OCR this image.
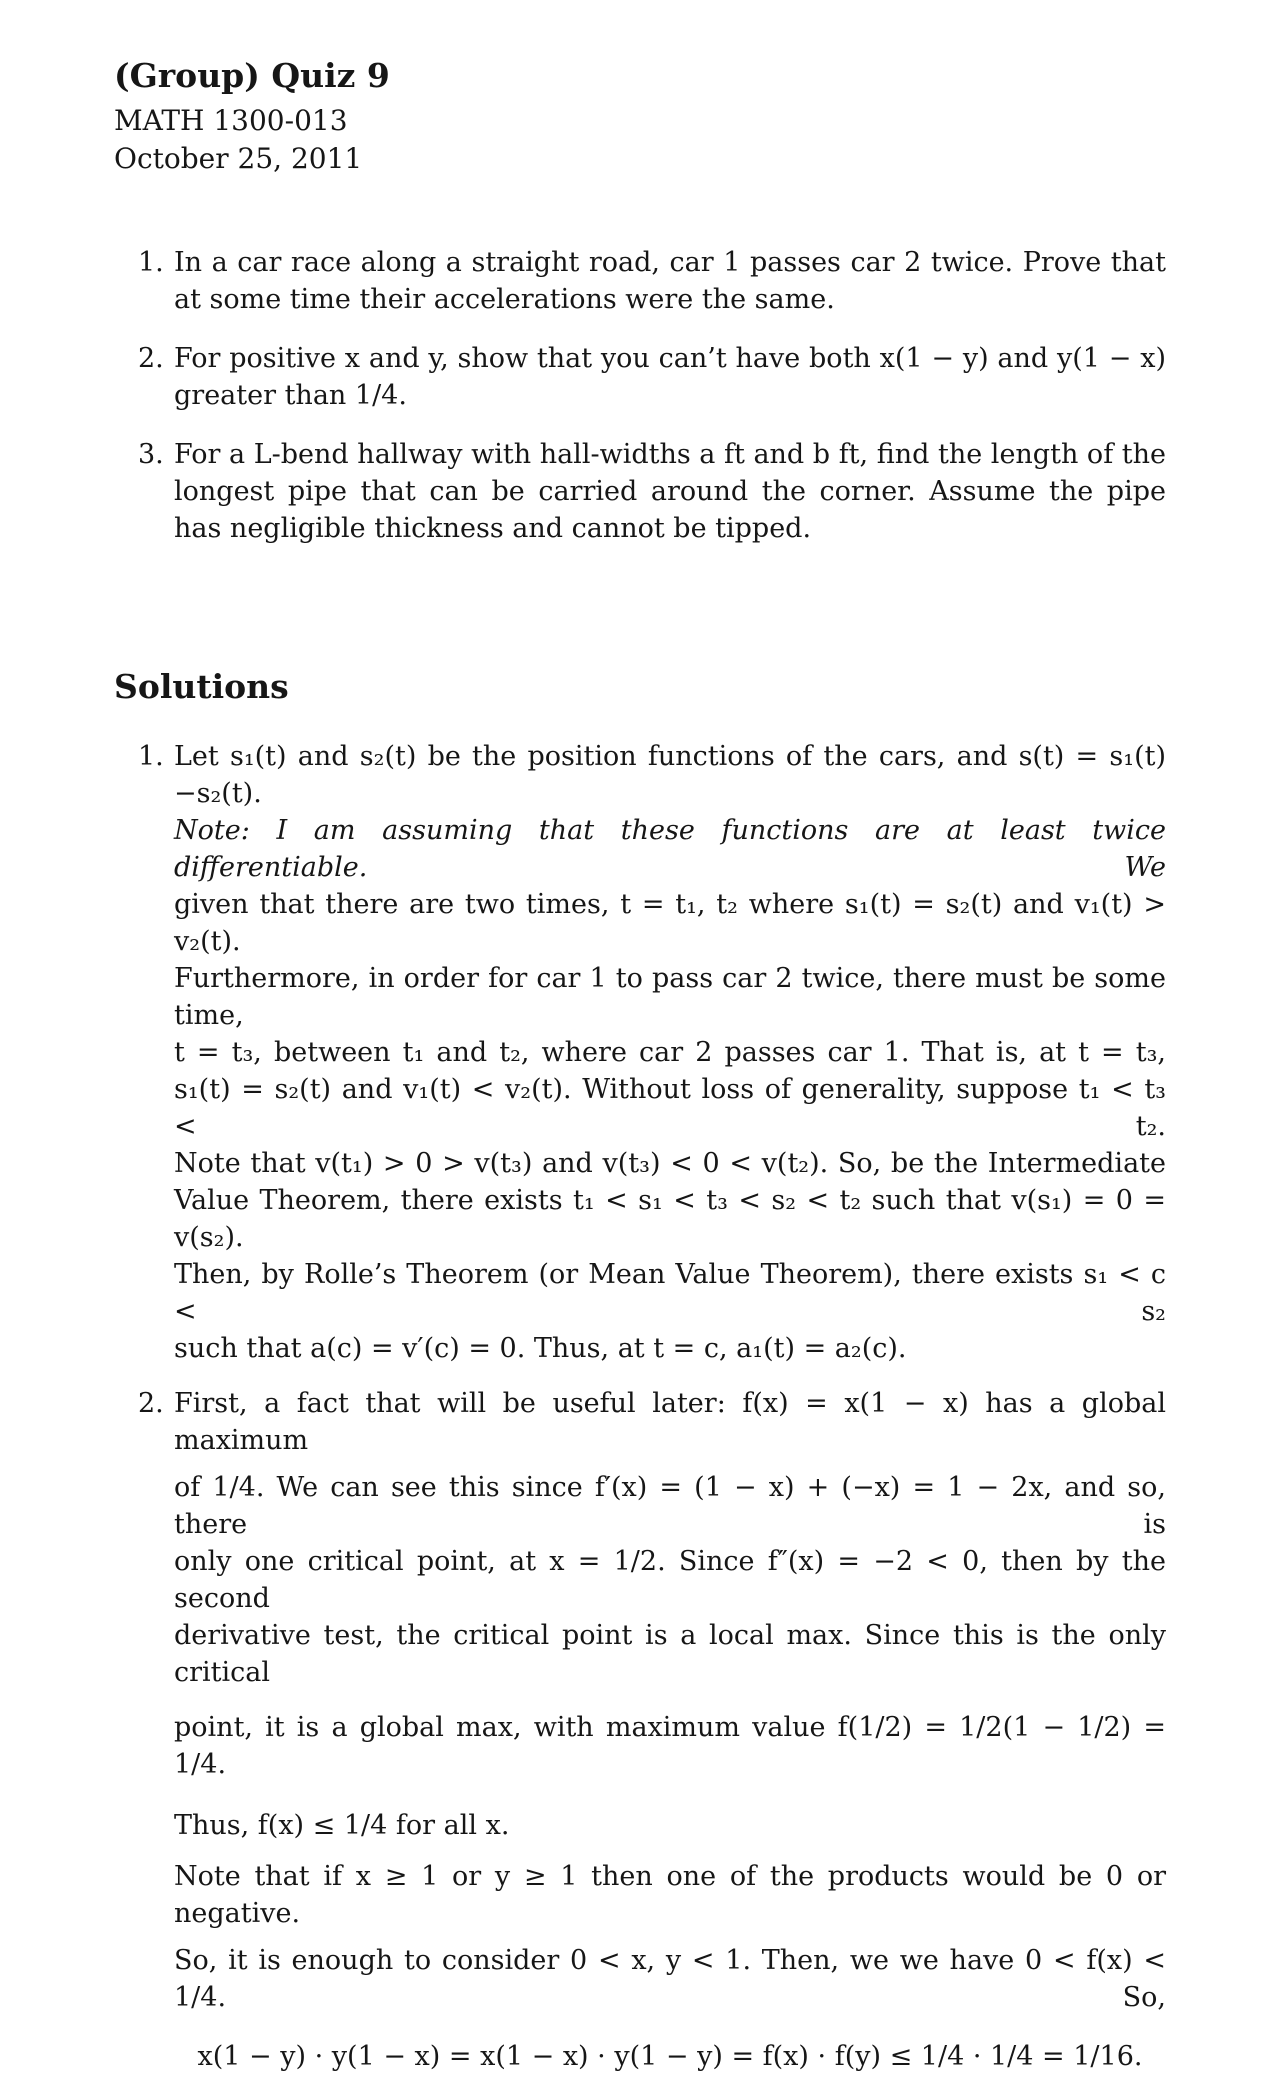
(Group) Quiz 9
MATH 1300-013
October 25, 2011
1. In a car race along a straight road, car 1 passes car 2 twice. Prove that at some time their accelerations were the same.

2. For positive x and y, show that you can’t have both x(1 − y) and y(1 − x) greater than 1/4.

3. For a L-bend hallway with hall-widths a ft and b ft, find the length of the longest pipe that can be carried around the corner. Assume the pipe has negligible thickness and cannot be tipped.

Solutions
1. Let s₁(t) and s₂(t) be the position functions of the cars, and s(t) = s₁(t)−s₂(t).
Note: I am assuming that these functions are at least twice differentiable. We
given that there are two times, t = t₁, t₂ where s₁(t) = s₂(t) and v₁(t) > v₂(t).
Furthermore, in order for car 1 to pass car 2 twice, there must be some time,
t = t₃, between t₁ and t₂, where car 2 passes car 1. That is, at t = t₃,
s₁(t) = s₂(t) and v₁(t) < v₂(t). Without loss of generality, suppose t₁ < t₃ < t₂.
Note that v(t₁) > 0 > v(t₃) and v(t₃) < 0 < v(t₂). So, be the Intermediate
Value Theorem, there exists t₁ < s₁ < t₃ < s₂ < t₂ such that v(s₁) = 0 = v(s₂).
Then, by Rolle’s Theorem (or Mean Value Theorem), there exists s₁ < c < s₂
such that a(c) = v′(c) = 0. Thus, at t = c, a₁(t) = a₂(c).
2. First, a fact that will be useful later: f(x) = x(1 − x) has a global maximum
of 1/4. We can see this since f′(x) = (1 − x) + (−x) = 1 − 2x, and so, there is
only one critical point, at x = 1/2. Since f″(x) = −2 < 0, then by the second
derivative test, the critical point is a local max. Since this is the only critical
point, it is a global max, with maximum value f(1/2) = 1/2(1 − 1/2) = 1/4.
Thus, f(x) ≤ 1/4 for all x.
Note that if x ≥ 1 or y ≥ 1 then one of the products would be 0 or negative.
So, it is enough to consider 0 < x, y < 1. Then, we we have 0 < f(x) < 1/4. So,
x(1 − y) · y(1 − x) = x(1 − x) · y(1 − y) = f(x) · f(y) ≤ 1/4 · 1/4 = 1/16.
